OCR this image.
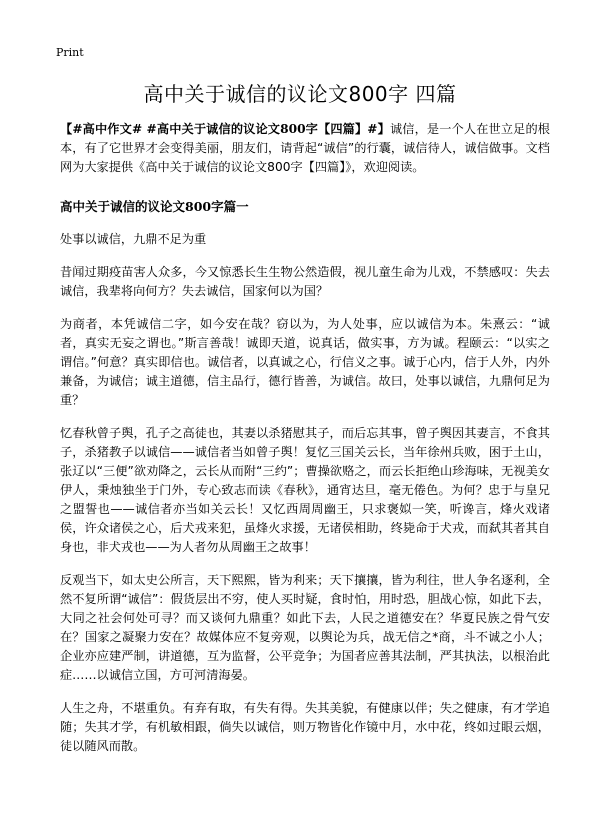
Print
高中关于诚信的议论文800字 四篇

【#高中作文# #高中关于诚信的议论文800字【四篇】#】诚信，是一个人在世立足的根本，有了它世界才会变得美丽，朋友们，请背起“诚信”的行囊，诚信待人，诚信做事。文档网为大家提供《高中关于诚信的议论文800字【四篇】》，欢迎阅读。

高中关于诚信的议论文800字篇一

处事以诚信，九鼎不足为重

昔闻过期疫苗害人众多，今又惊悉长生生物公然造假，视儿童生命为儿戏，不禁感叹：失去诚信，我辈将向何方？失去诚信，国家何以为国？

为商者，本凭诚信二字，如今安在哉？窃以为，为人处事，应以诚信为本。朱熹云：“诚者，真实无妄之谓也。”斯言善哉！诚即天道，说真话，做实事，方为诚。程颐云：“以实之谓信。”何意？真实即信也。诚信者，以真诚之心，行信义之事。诚于心内，信于人外，内外兼备，为诚信；诚主道德，信主品行，德行皆善，为诚信。故曰，处事以诚信，九鼎何足为重？

忆春秋曾子舆，孔子之高徒也，其妻以杀猪慰其子，而后忘其事，曾子舆因其妻言，不食其子，杀猪教子以诚信——诚信者当如曾子舆！复忆三国关云长，当年徐州兵败，困于土山，张辽以“三便”欲劝降之，云长从而附“三约”；曹操欲赂之，而云长拒绝山珍海味，无视美女伊人，秉烛独坐于门外，专心致志而读《春秋》，通宵达旦，毫无倦色。为何？忠于与皇兄之盟誓也——诚信者亦当如关云长！又忆西周周幽王，只求褒姒一笑，听谗言，烽火戏诸侯，许众诸侯之心，后犬戎来犯，虽烽火求援，无诸侯相助，终毙命于犬戎，而弑其者其自身也，非犬戎也——为人者勿从周幽王之故事！

反观当下，如太史公所言，天下熙熙，皆为利来；天下攘攘，皆为利往，世人争名逐利，全然不复所谓“诚信”：假货层出不穷，使人买时疑，食时怕，用时恐，胆战心惊，如此下去，大同之社会何处可寻？而又谈何九鼎重？如此下去，人民之道德安在？华夏民族之骨气安在？国家之凝聚力安在？故媒体应不复旁观，以舆论为兵，战无信之*商，斗不诚之小人；企业亦应建严制，讲道德，互为监督，公平竞争；为国者应善其法制，严其执法，以根治此症……以诚信立国，方可河清海晏。

人生之舟，不堪重负。有弃有取，有失有得。失其美貌，有健康以伴；失之健康，有才学追随；失其才学，有机敏相跟，倘失以诚信，则万物皆化作镜中月，水中花，终如过眼云烟，徒以随风而散。
